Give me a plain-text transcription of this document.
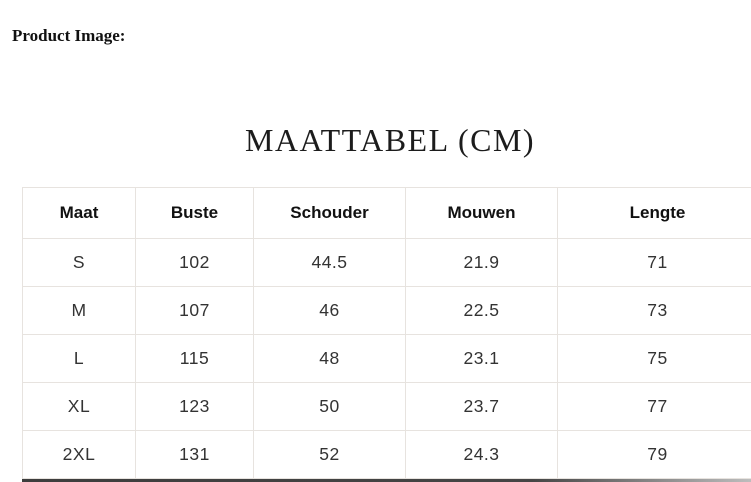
Product Image:
MAATTABEL (CM)
Maat	Buste	Schouder	Mouwen	Lengte
S	102	44.5	21.9	71
M	107	46	22.5	73
L	115	48	23.1	75
XL	123	50	23.7	77
2XL	131	52	24.3	79
